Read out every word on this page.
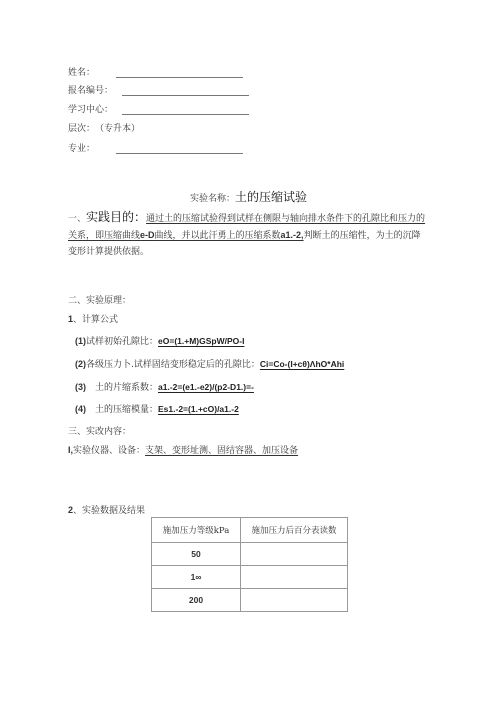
姓名：
报名编号：
学习中心：
层次： （专升本）
专业：
实验名称：土的压缩试验
一、实践目的：通过土的压缩试验得到试样在侧限与轴向排水条件下的孔隙比和压力的
关系，即压缩曲线e-D曲线，并以此汗勇上的压缩系数a1.-2,判断土的压缩性，为土的沉降
变形计算提供依据。
二、实验原理：
1、计算公式
(1)试样初始孔隙比：eO=(1.+M)GSpW/PO-I
(2)各级压力卜.试样固结变形稳定后的孔隙比：Ci=Co-(I+cθ)ΛhO*Ahi
(3) 土的片缩系数：a1.-2=(e1.-e2)/(p2-D1.)=-
(4) 土的压缩模量：Es1.-2=(1.+cO)/a1.-2
三、实改内容：
I,实验仪器、设备：支架、变形址测、固结容器、加压设备
2、实验数据及结果
施加压力等级kPa	施加压力后百分表读数
50	
1∞	
200	
